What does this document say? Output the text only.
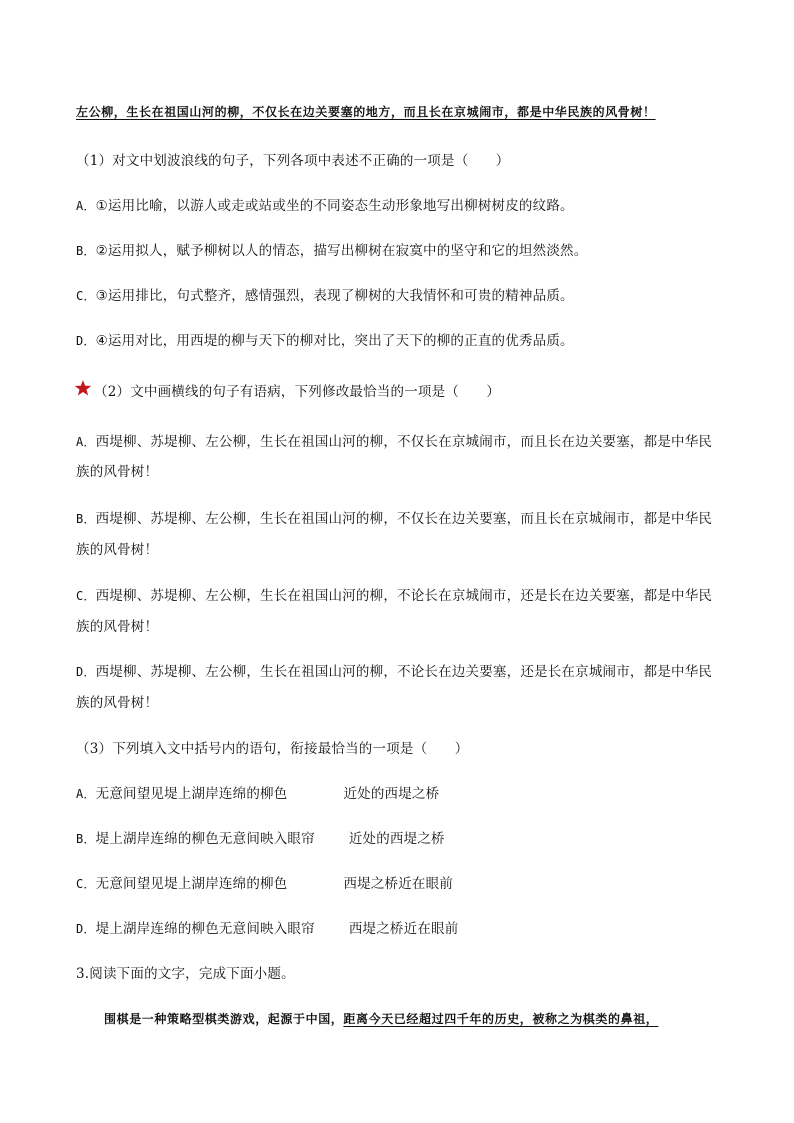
左公柳，生长在祖国山河的柳，不仅长在边关要塞的地方，而且长在京城闹市，都是中华民族的风骨树！
（1）对文中划波浪线的句子，下列各项中表述不正确的一项是（　　）
A．①运用比喻，以游人或走或站或坐的不同姿态生动形象地写出柳树树皮的纹路。
B．②运用拟人，赋予柳树以人的情态，描写出柳树在寂寞中的坚守和它的坦然淡然。
C．③运用排比，句式整齐，感情强烈，表现了柳树的大我情怀和可贵的精神品质。
D．④运用对比，用西堤的柳与天下的柳对比，突出了天下的柳的正直的优秀品质。
（2）文中画横线的句子有语病，下列修改最恰当的一项是（　　）
A．西堤柳、苏堤柳、左公柳，生长在祖国山河的柳，不仅长在京城闹市，而且长在边关要塞，都是中华民
族的风骨树！
B．西堤柳、苏堤柳、左公柳，生长在祖国山河的柳，不仅长在边关要塞，而且长在京城闹市，都是中华民
族的风骨树！
C．西堤柳、苏堤柳、左公柳，生长在祖国山河的柳，不论长在京城闹市，还是长在边关要塞，都是中华民
族的风骨树！
D．西堤柳、苏堤柳、左公柳，生长在祖国山河的柳，不论长在边关要塞，还是长在京城闹市，都是中华民
族的风骨树！
（3）下列填入文中括号内的语句，衔接最恰当的一项是（　　）
A．无意间望见堤上湖岸连绵的柳色	近处的西堤之桥
B．堤上湖岸连绵的柳色无意间映入眼帘	近处的西堤之桥
C．无意间望见堤上湖岸连绵的柳色	西堤之桥近在眼前
D．堤上湖岸连绵的柳色无意间映入眼帘	西堤之桥近在眼前
3.阅读下面的文字，完成下面小题。
围棋是一种策略型棋类游戏，起源于中国，距离今天已经超过四千年的历史，被称之为棋类的鼻祖，
